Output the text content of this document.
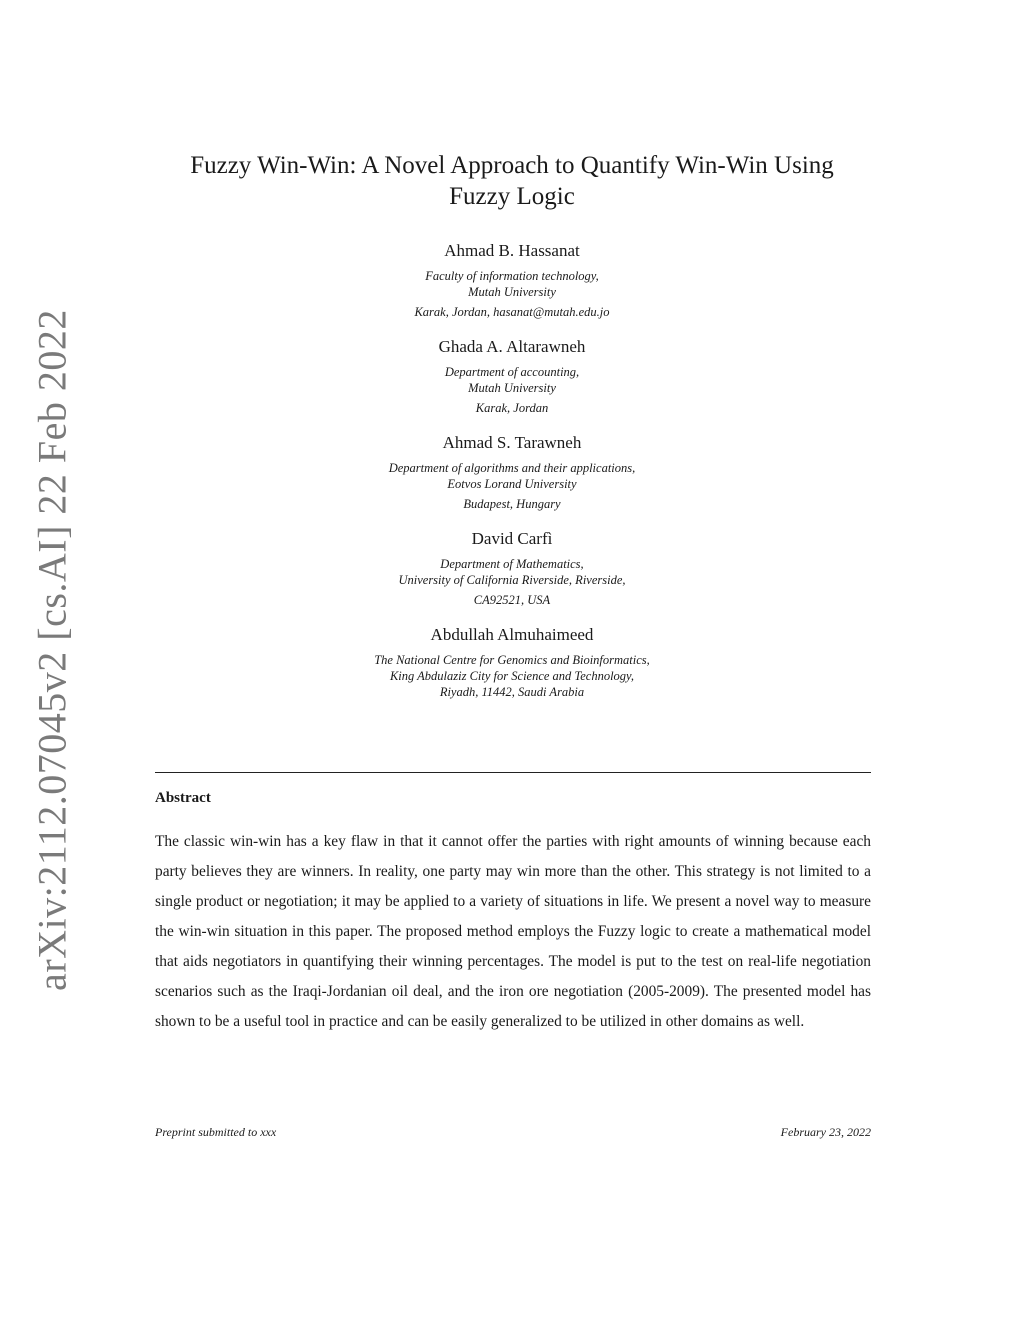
arXiv:2112.07045v2 [cs.AI] 22 Feb 2022
Fuzzy Win-Win: A Novel Approach to Quantify Win-Win Using Fuzzy Logic
Ahmad B. Hassanat
Faculty of information technology,
Mutah University
Karak, Jordan, hasanat@mutah.edu.jo
Ghada A. Altarawneh
Department of accounting,
Mutah University
Karak, Jordan
Ahmad S. Tarawneh
Department of algorithms and their applications,
Eotvos Lorand University
Budapest, Hungary
David Carfì
Department of Mathematics,
University of California Riverside, Riverside,
CA92521, USA
Abdullah Almuhaimeed
The National Centre for Genomics and Bioinformatics,
King Abdulaziz City for Science and Technology,
Riyadh, 11442, Saudi Arabia
Abstract
The classic win-win has a key flaw in that it cannot offer the parties with right amounts of winning because each party believes they are winners. In reality, one party may win more than the other. This strategy is not limited to a single product or negotiation; it may be applied to a variety of situations in life. We present a novel way to measure the win-win situation in this paper. The proposed method employs the Fuzzy logic to create a mathematical model that aids negotiators in quantifying their winning percentages. The model is put to the test on real-life negotiation scenarios such as the Iraqi-Jordanian oil deal, and the iron ore negotiation (2005-2009). The presented model has shown to be a useful tool in practice and can be easily generalized to be utilized in other domains as well.
Preprint submitted to xxx	February 23, 2022
